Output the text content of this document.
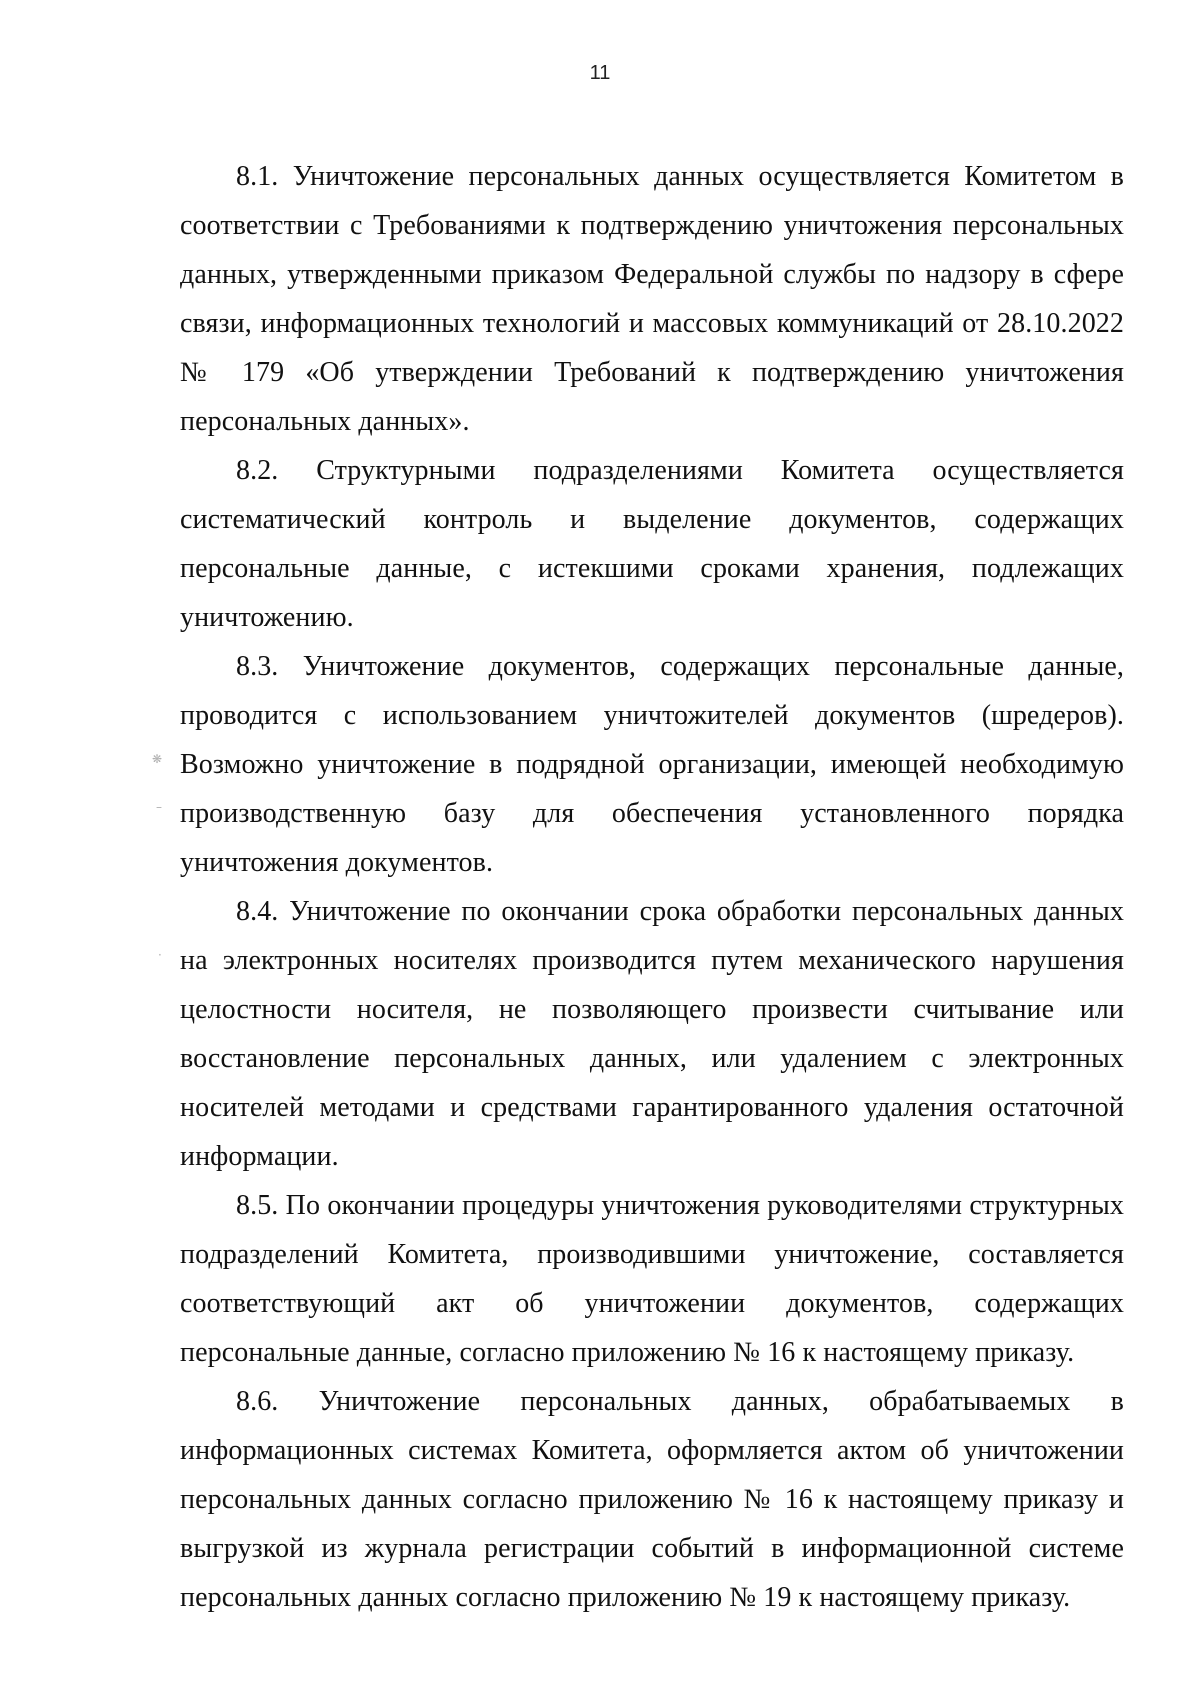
11
❋
–
·

8.1. Уничтожение персональных данных осуществляется Комитетом в соответствии с Требованиями к подтверждению уничтожения персональных данных, утвержденными приказом Федеральной службы по надзору в сфере связи, информационных технологий и массовых коммуникаций от 28.10.2022 № 179 «Об утверждении Требований к подтверждению уничтожения персональных данных».

8.2. Структурными подразделениями Комитета осуществляется систематический контроль и выделение документов, содержащих персональные данные, с истекшими сроками хранения, подлежащих уничтожению.

8.3. Уничтожение документов, содержащих персональные данные, проводится с использованием уничтожителей документов (шредеров). Возможно уничтожение в подрядной организации, имеющей необходимую производственную базу для обеспечения установленного порядка уничтожения документов.

8.4. Уничтожение по окончании срока обработки персональных данных на электронных носителях производится путем механического нарушения целостности носителя, не позволяющего произвести считывание или восстановление персональных данных, или удалением с электронных носителей методами и средствами гарантированного удаления остаточной информации.

8.5. По окончании процедуры уничтожения руководителями структурных подразделений Комитета, производившими уничтожение, составляется соответствующий акт об уничтожении документов, содержащих персональные данные, согласно приложению № 16 к настоящему приказу.

8.6. Уничтожение персональных данных, обрабатываемых в информационных системах Комитета, оформляется актом об уничтожении персональных данных согласно приложению № 16 к настоящему приказу и выгрузкой из журнала регистрации событий в информационной системе персональных данных согласно приложению № 19 к настоящему приказу.
